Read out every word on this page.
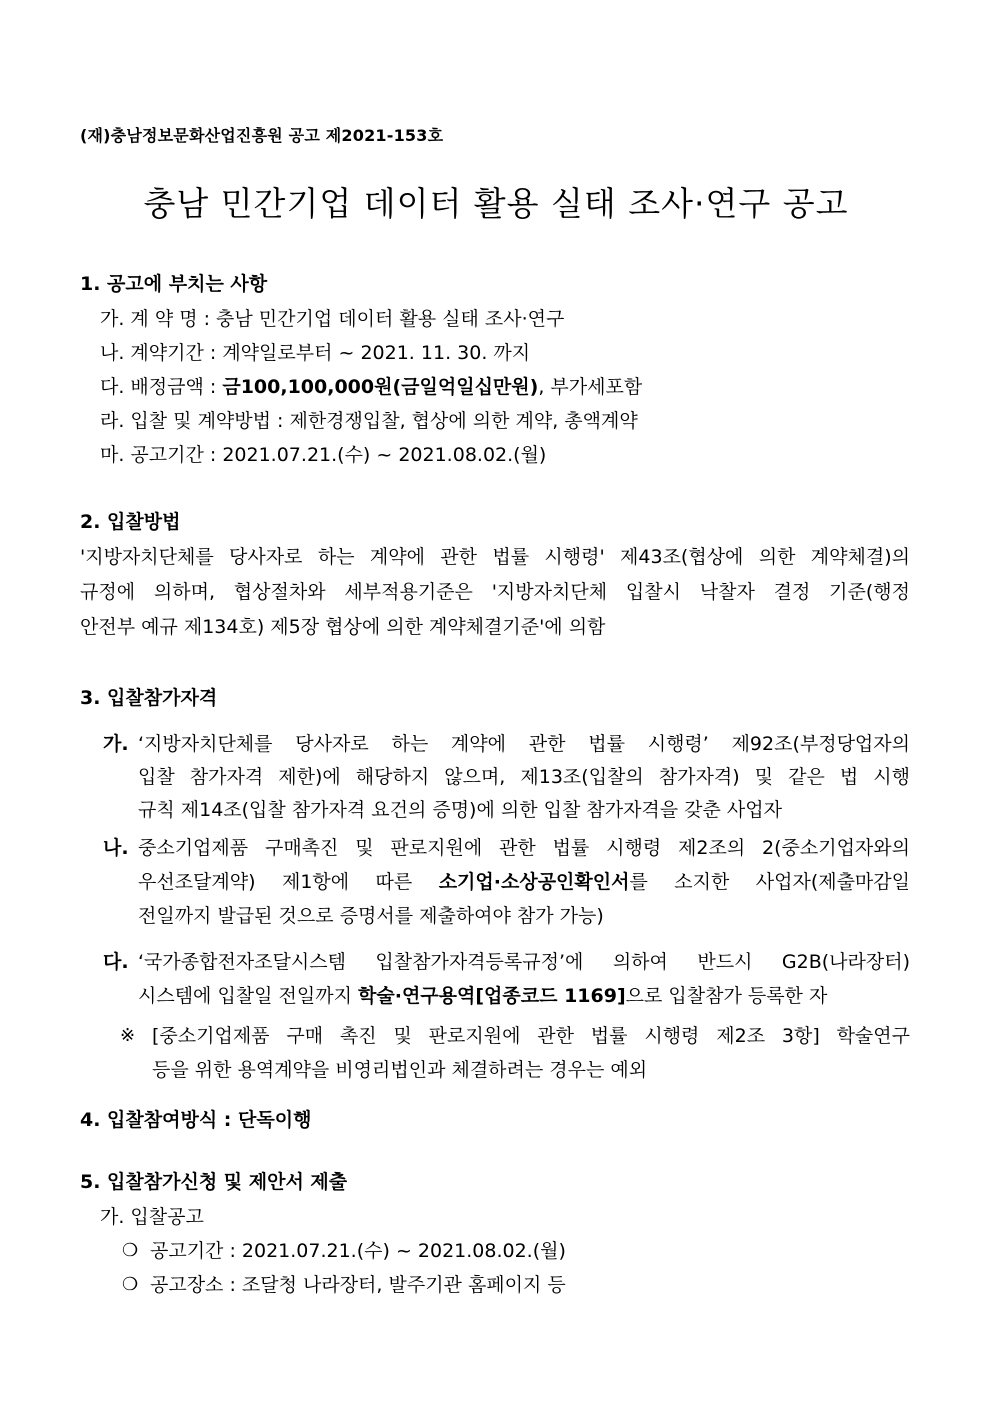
(재)충남정보문화산업진흥원 공고 제2021-153호
충남 민간기업 데이터 활용 실태 조사·연구 공고
1. 공고에 부치는 사항
가. 계 약 명 : 충남 민간기업 데이터 활용 실태 조사·연구
나. 계약기간 : 계약일로부터 ~ 2021. 11. 30. 까지
다. 배정금액 : 금100,100,000원(금일억일십만원), 부가세포함
라. 입찰 및 계약방법 : 제한경쟁입찰, 협상에 의한 계약, 총액계약
마. 공고기간 : 2021.07.21.(수) ~ 2021.08.02.(월)
2. 입찰방법
'지방자치단체를 당사자로 하는 계약에 관한 법률 시행령' 제43조(협상에 의한 계약체결)의
규정에 의하며, 협상절차와 세부적용기준은 '지방자치단체 입찰시 낙찰자 결정 기준(행정
안전부 예규 제134호) 제5장 협상에 의한 계약체결기준'에 의함
3. 입찰참가자격
가. ‘지방자치단체를 당사자로 하는 계약에 관한 법률 시행령’ 제92조(부정당업자의
입찰 참가자격 제한)에 해당하지 않으며, 제13조(입찰의 참가자격) 및 같은 법 시행
규칙 제14조(입찰 참가자격 요건의 증명)에 의한 입찰 참가자격을 갖춘 사업자
나. 중소기업제품 구매촉진 및 판로지원에 관한 법률 시행령 제2조의 2(중소기업자와의
우선조달계약) 제1항에 따른 소기업·소상공인확인서를 소지한 사업자(제출마감일
전일까지 발급된 것으로 증명서를 제출하여야 참가 가능)
다. ‘국가종합전자조달시스템 입찰참가자격등록규정’에 의하여 반드시 G2B(나라장터)
시스템에 입찰일 전일까지 학술·연구용역[업종코드 1169]으로 입찰참가 등록한 자
※ [중소기업제품 구매 촉진 및 판로지원에 관한 법률 시행령 제2조 3항] 학술연구
등을 위한 용역계약을 비영리법인과 체결하려는 경우는 예외
4. 입찰참여방식 : 단독이행
5. 입찰참가신청 및 제안서 제출
가. 입찰공고
❍ 공고기간 : 2021.07.21.(수) ~ 2021.08.02.(월)
❍ 공고장소 : 조달청 나라장터, 발주기관 홈페이지 등
